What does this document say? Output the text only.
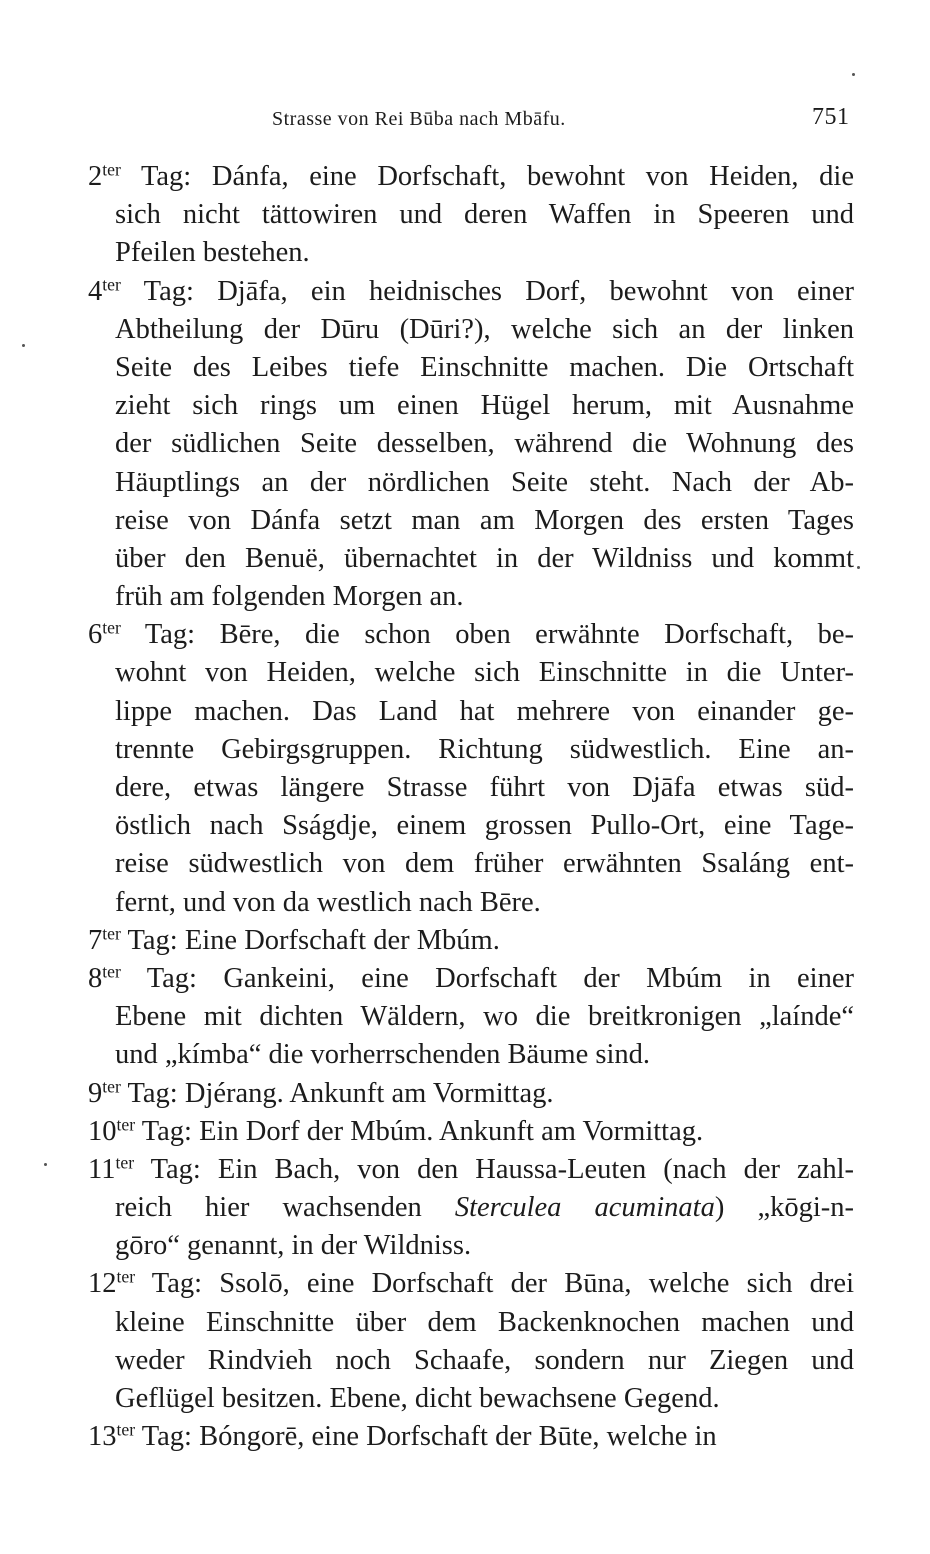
Strasse von Rei Būba nach Mbāfu.	751
$2^{ter}$ Tag: Dánfa, eine Dorfschaft, bewohnt von Heiden, die
sich nicht tättowiren und deren Waffen in Speeren und
Pfeilen bestehen.
$4^{ter}$ Tag: Djāfa, ein heidnisches Dorf, bewohnt von einer
Abtheilung der Dūru (Dūri?), welche sich an der linken
Seite des Leibes tiefe Einschnitte machen. Die Ortschaft
zieht sich rings um einen Hügel herum, mit Ausnahme
der südlichen Seite desselben, während die Wohnung des
Häuptlings an der nördlichen Seite steht. Nach der Ab-
reise von Dánfa setzt man am Morgen des ersten Tages
über den Benuë, übernachtet in der Wildniss und kommt
früh am folgenden Morgen an.
$6^{ter}$ Tag: Bēre, die schon oben erwähnte Dorfschaft, be-
wohnt von Heiden, welche sich Einschnitte in die Unter-
lippe machen. Das Land hat mehrere von einander ge-
trennte Gebirgsgruppen. Richtung südwestlich. Eine an-
dere, etwas längere Strasse führt von Djāfa etwas süd-
östlich nach Sságdje, einem grossen Pullo-Ort, eine Tage-
reise südwestlich von dem früher erwähnten Ssaláng ent-
fernt, und von da westlich nach Bēre.
$7^{ter}$ Tag: Eine Dorfschaft der Mbúm.
$8^{ter}$ Tag: Gankeini, eine Dorfschaft der Mbúm in einer
Ebene mit dichten Wäldern, wo die breitkronigen „laínde“
und „kímba“ die vorherrschenden Bäume sind.
$9^{ter}$ Tag: Djérang. Ankunft am Vormittag.
$10^{ter}$ Tag: Ein Dorf der Mbúm. Ankunft am Vormittag.
$11^{ter}$ Tag: Ein Bach, von den Haussa-Leuten (nach der zahl-
reich hier wachsenden Sterculea acuminata) „kōgi-n-
gōro“ genannt, in der Wildniss.
$12^{ter}$ Tag: Ssolō, eine Dorfschaft der Būna, welche sich drei
kleine Einschnitte über dem Backenknochen machen und
weder Rindvieh noch Schaafe, sondern nur Ziegen und
Geflügel besitzen. Ebene, dicht bewachsene Gegend.
$13^{ter}$ Tag: Bóngorē, eine Dorfschaft der Būte, welche in
